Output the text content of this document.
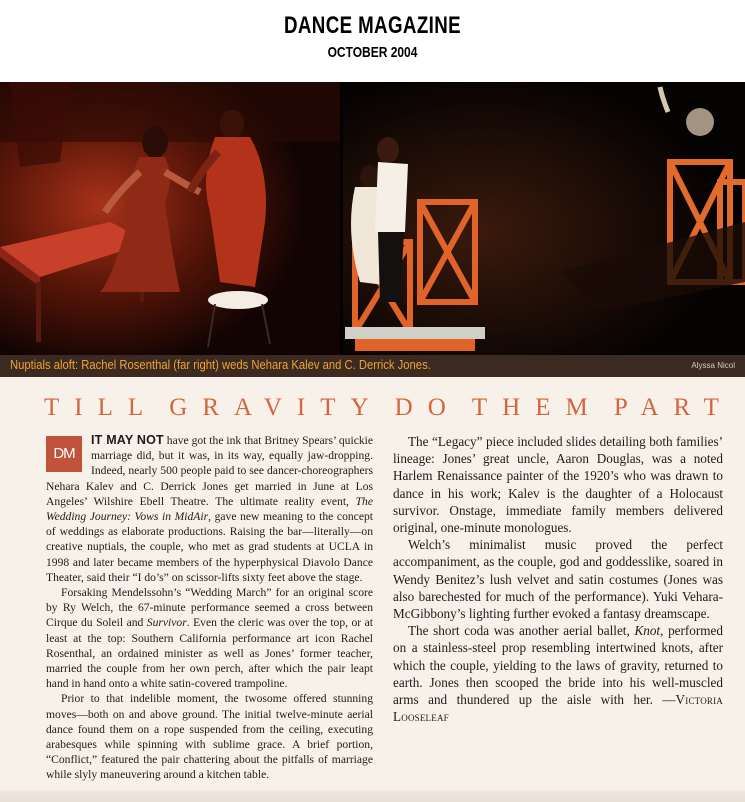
DANCE MAGAZINE
OCTOBER 2004
Nuptials aloft: Rachel Rosenthal (far right) weds Nehara Kalev and C. Derrick Jones.	Alyssa Nicol
TILL GRAVITY DO THEM PART

DM
IT MAY NOT have got the ink that Britney Spears’ quickie marriage did, but it was, in its way, equally jaw-dropping. Indeed, nearly 500 people paid to see dancer-choreographers Nehara Kalev and C. Derrick Jones get married in June at Los Angeles’ Wilshire Ebell Theatre. The ultimate reality event, The Wedding Journey: Vows in MidAir, gave new meaning to the concept of weddings as elaborate productions. Raising the bar—literally—on creative nuptials, the couple, who met as grad students at UCLA in 1998 and later became members of the hyperphysical Diavolo Dance Theater, said their “I do’s” on scissor-lifts sixty feet above the stage.

Forsaking Mendelssohn’s “Wedding March” for an original score by Ry Welch, the 67-minute performance seemed a cross between Cirque du Soleil and Survivor. Even the cleric was over the top, or at least at the top: Southern California performance art icon Rachel Rosenthal, an ordained minister as well as Jones’ former teacher, married the couple from her own perch, after which the pair leapt hand in hand onto a white satin-covered trampoline.

Prior to that indelible moment, the twosome offered stunning moves—both on and above ground. The initial twelve-minute aerial dance found them on a rope suspended from the ceiling, executing arabesques while spinning with sublime grace. A brief portion, “Conflict,” featured the pair chattering about the pitfalls of marriage while slyly maneuvering around a kitchen table.

The “Legacy” piece included slides detailing both families’ lineage: Jones’ great uncle, Aaron Douglas, was a noted Harlem Renaissance painter of the 1920’s who was drawn to dance in his work; Kalev is the daughter of a Holocaust survivor. Onstage, immediate family members delivered original, one-minute monologues.

Welch’s minimalist music proved the perfect accompaniment, as the couple, god and goddesslike, soared in Wendy Benitez’s lush velvet and satin costumes (Jones was also barechested for much of the performance). Yuki Vehara-McGibbony’s lighting further evoked a fantasy dreamscape.

The short coda was another aerial ballet, Knot, performed on a stainless-steel prop resembling intertwined knots, after which the couple, yielding to the laws of gravity, returned to earth. Jones then scooped the bride into his well-muscled arms and thundered up the aisle with her. —Victoria Looseleaf
